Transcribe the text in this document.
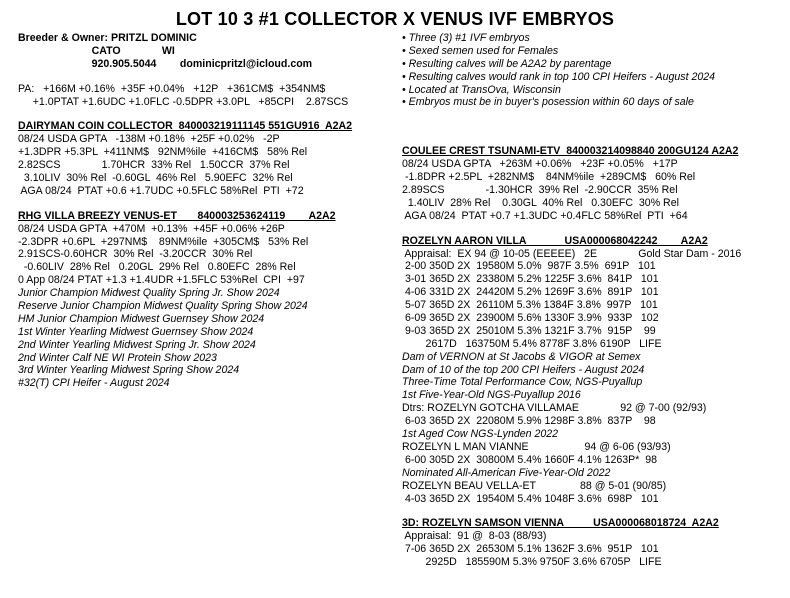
LOT 10 3 #1 COLLECTOR X VENUS IVF EMBRYOS
Breeder & Owner: PRITZL DOMINIC
CATO              WI
920.905.5044        dominicpritzl@icloud.com
PA:   +166M +0.16%  +35F +0.04%   +12P   +361CM$  +354NM$
+1.0PTAT +1.6UDC +1.0FLC -0.5DPR +3.0PL   +85CPI    2.87SCS
DAIRYMAN COIN COLLECTOR  840003219111145 551GU916  A2A2
08/24 USDA GPTA   -138M +0.18%  +25F +0.02%   -2P
+1.3DPR +5.3PL  +411NM$   92NM%ile  +416CM$   58% Rel
2.82SCS              1.70HCR  33% Rel   1.50CCR  37% Rel
3.10LIV  30% Rel  -0.60GL  46% Rel   5.90EFC  32% Rel
AGA 08/24  PTAT +0.6 +1.7UDC +0.5FLC 58%Rel  PTI  +72
RHG VILLA BREEZY VENUS-ET       840003253624119        A2A2
08/24 USDA GPTA  +470M  +0.13%  +45F +0.06% +26P
-2.3DPR +0.6PL  +297NM$    89NM%ile  +305CM$   53% Rel
2.91SCS-0.60HCR  30% Rel  -3.20CCR  30% Rel
-0.60LIV  28% Rel   0.20GL  29% Rel   0.80EFC  28% Rel
0 App 08/24 PTAT +1.3 +1.4UDR +1.5FLC 53%Rel  CPI  +97
Junior Champion Midwest Quality Spring Jr. Show 2024
Reserve Junior Champion Midwest Quality Spring Show 2024
HM Junior Champion Midwest Guernsey Show 2024
1st Winter Yearling Midwest Guernsey Show 2024
2nd Winter Yearling Midwest Spring Jr. Show 2024
2nd Winter Calf NE WI Protein Show 2023
3rd Winter Yearling Midwest Spring Show 2024
#32(T) CPI Heifer - August 2024
• Three (3) #1 IVF embryos
• Sexed semen used for Females
• Resulting calves will be A2A2 by parentage
• Resulting calves would rank in top 100 CPI Heifers - August 2024
• Located at TransOva, Wisconsin
• Embryos must be in buyer's posession within 60 days of sale
COULEE CREST TSUNAMI-ETV  840003214098840 200GU124 A2A2
08/24 USDA GPTA   +263M +0.06%   +23F +0.05%   +17P
-1.8DPR +2.5PL  +282NM$    84NM%ile  +289CM$   60% Rel
2.89SCS              -1.30HCR  39% Rel  -2.90CCR  35% Rel
1.40LIV  28% Rel    0.30GL  40% Rel   0.30EFC  30% Rel
AGA 08/24  PTAT +0.7 +1.3UDC +0.4FLC 58%Rel  PTI  +64
ROZELYN AARON VILLA             USA000068042242        A2A2
Appraisal:  EX 94 @ 10-05 (EEEEE)   2E              Gold Star Dam - 2016
2-00 350D 2X  19580M 5.0%  987F 3.5%  691P   101
3-01 365D 2X  23380M 5.2% 1225F 3.6%  841P   101
4-06 331D 2X  24420M 5.2% 1269F 3.6%  891P   101
5-07 365D 2X  26110M 5.3% 1384F 3.8%  997P   101
6-09 365D 2X  23900M 5.6% 1330F 3.9%  933P   102
9-03 365D 2X  25010M 5.3% 1321F 3.7%  915P    99
2617D   163750M 5.4% 8778F 3.8% 6190P   LIFE
Dam of VERNON at St Jacobs & VIGOR at Semex
Dam of 10 of the top 200 CPI Heifers - August 2024
Three-Time Total Performance Cow, NGS-Puyallup
1st Five-Year-Old NGS-Puyallup 2016
Dtrs: ROZELYN GOTCHA VILLAMAE              92 @ 7-00 (92/93)
6-03 365D 2X  22080M 5.9% 1298F 3.8%  837P    98
1st Aged Cow NGS-Lynden 2022
ROZELYN L MAN VIANNE                   94 @ 6-06 (93/93)
6-00 305D 2X  30800M 5.4% 1660F 4.1% 1263P*  98
Nominated All-American Five-Year-Old 2022
ROZELYN BEAU VELLA-ET               88 @ 5-01 (90/85)
4-03 365D 2X  19540M 5.4% 1048F 3.6%  698P   101
3D: ROZELYN SAMSON VIENNA          USA000068018724  A2A2
Appraisal:  91 @  8-03 (88/93)
7-06 365D 2X  26530M 5.1% 1362F 3.6%  951P   101
2925D   185590M 5.3% 9750F 3.6% 6705P   LIFE
